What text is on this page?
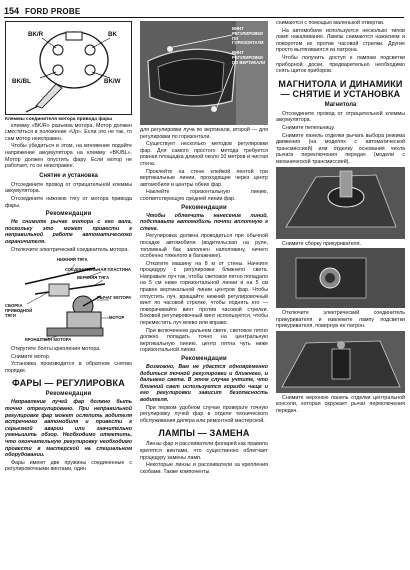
154 FORD PROBE
BK/R	BK
BK/BL	BK/W
Клеммы соединителя мотора привода фары

клемму «BK/R» разъема мотора. Мотор должен сместиться в положение «Up». Если это не так, то сам мотор неисправен.

Чтобы убедиться в этом, на мгновение подайте напряжение аккумулятора на клемму «BK/BL». Мотор должен опустить фару. Если мотор не работает, то он неисправен.

Снятие и установка

Отсоедините провод от отрицательной клеммы аккумулятора.

Отсоедините нижнюю тягу от мотора привода фары.

Рекомендации

Не снимите рычаг мотора с его вала, поскольку это может привести к неправильной работе автоматического ограничителя.

Отключите электрический соединитель мотора.

НИЖНЯЯ ТЯГА
СОЕДИНИТЕЛЬНАЯ ПЛАСТИНА
ВЕРХНЯЯ ТЯГА
СБОРКА ПРИВОДНОЙ ТЯГИ
РЫЧАГ МОТОРА
МОТОР
КРОНШТЕЙН МОТОРА

Открутите болты крепления мотора.

Снимите мотор.

Установка производится в обратном снятию порядке.

ФАРЫ — РЕГУЛИРОВКА
Рекомендации

Направление лучей фар должно быть точно отрегулировано. При неправильной регулировке фар может ослепить водителя встречного автомобиля и привести к серьезной аварии или значительно уменьшить обзор. Необходимо отметить, что окончательную регулировку необходимо провести в мастерской на специальном оборудовании.

Фары имеют две пружины соединенные с регулировочными винтами, один

ВИНТ РЕГУЛИРОВКИ ПО ГОРИЗОНТАЛИ
ВИНТ РЕГУЛИРОВКИ ПО ВЕРТИКАЛИ

для регулировки луча по вертикали, второй — для регулировки по горизонтали.

Существует несколько методов регулировки фар. Для самого простого метода требуется ровная площадка длиной около 10 метров и чистая стена.

Проклейте на стене клейкой лентой три вертикальные линии, проходящие через центр автомобиля и центры обеих фар.

Наклейте горизонтальную линию, соответствующую средней линии фар.

Рекомендации

Чтобы облегчить нанесение линий, подставьте автомобиль почти вплотную к стене.

Регулировка должна проводиться при обычной посадке автомобиля (водительская на руле, топливный бак заполнен наполовину, ничего особенно тяжелого в багажнике).

Откатите машину на 8 м от стены. Начните процедуру с регулировки ближнего света. Направьте луч так, чтобы световое пятно попадало на 5 см ниже горизонтальной линии и на 5 см правее вертикальной линии центров фар. Чтобы отпустить луч, вращайте нижний регулировочный винт по часовой стрелке, чтобы поднять его — поворачивайте винт против часовой стрелки. Боковой регулировочный винт используется, чтобы переместить луч влево или вправо.

При включенном дальнем свете, световое пятно должно попадать точно на центральную вертикальную линию, центр пятна чуть ниже горизонтальной линии.

Рекомендации

Возможно, Вам не удастся одновременно добиться точной регулировки и ближнего, и дальнего света. В этом случае учтите, что ближний свет используется гораздо чаще и его регулировки зависит безопасность водителя.

При первом удобном случае проверьте точную регулировку лучей фар в отделе технического обслуживания дилера или ремонтной мастерской.

ЛАМПЫ — ЗАМЕНА

Линзы фар и рассеиватели фонарей как правило крепятся винтами, что существенно облегчает процедуру замены ламп.

Некоторые линзы и рассеиватели за крепления скобами. Также компоненты

снимаются с помощью маленькой отвертки.

На автомобиле используется несколько типов ламп накаливания. Лампы снимаются нажатием и поворотом их против часовой стрелки. Другие просто вытягиваются из патрона.

Чтобы получить доступ к лампам подсветки приборной доски, предварительно необходимо снять щиток приборов.

МАГНИТОЛА И ДИНАМИКИ — СНЯТИЕ И УСТАНОВКА
Магнитола

Отсоедините провод от отрицательной клеммы аккумулятора.

Снимите пепельницу.

Снимите панель отделки рычага выбора режима движения (на моделях с автоматической трансмиссией) или отделку основания чехла рычага переключения передач (модели с механической трансмиссией).

Снимите сборку прикуривателя.

Отключите электрический соединитель прикуривателя и извлеките лампу подсветки прикуривателя, повернув ее патрон.

Снимите верхнюю панель отделки центральной консоли, которая окружает рычаг переключения передач.
